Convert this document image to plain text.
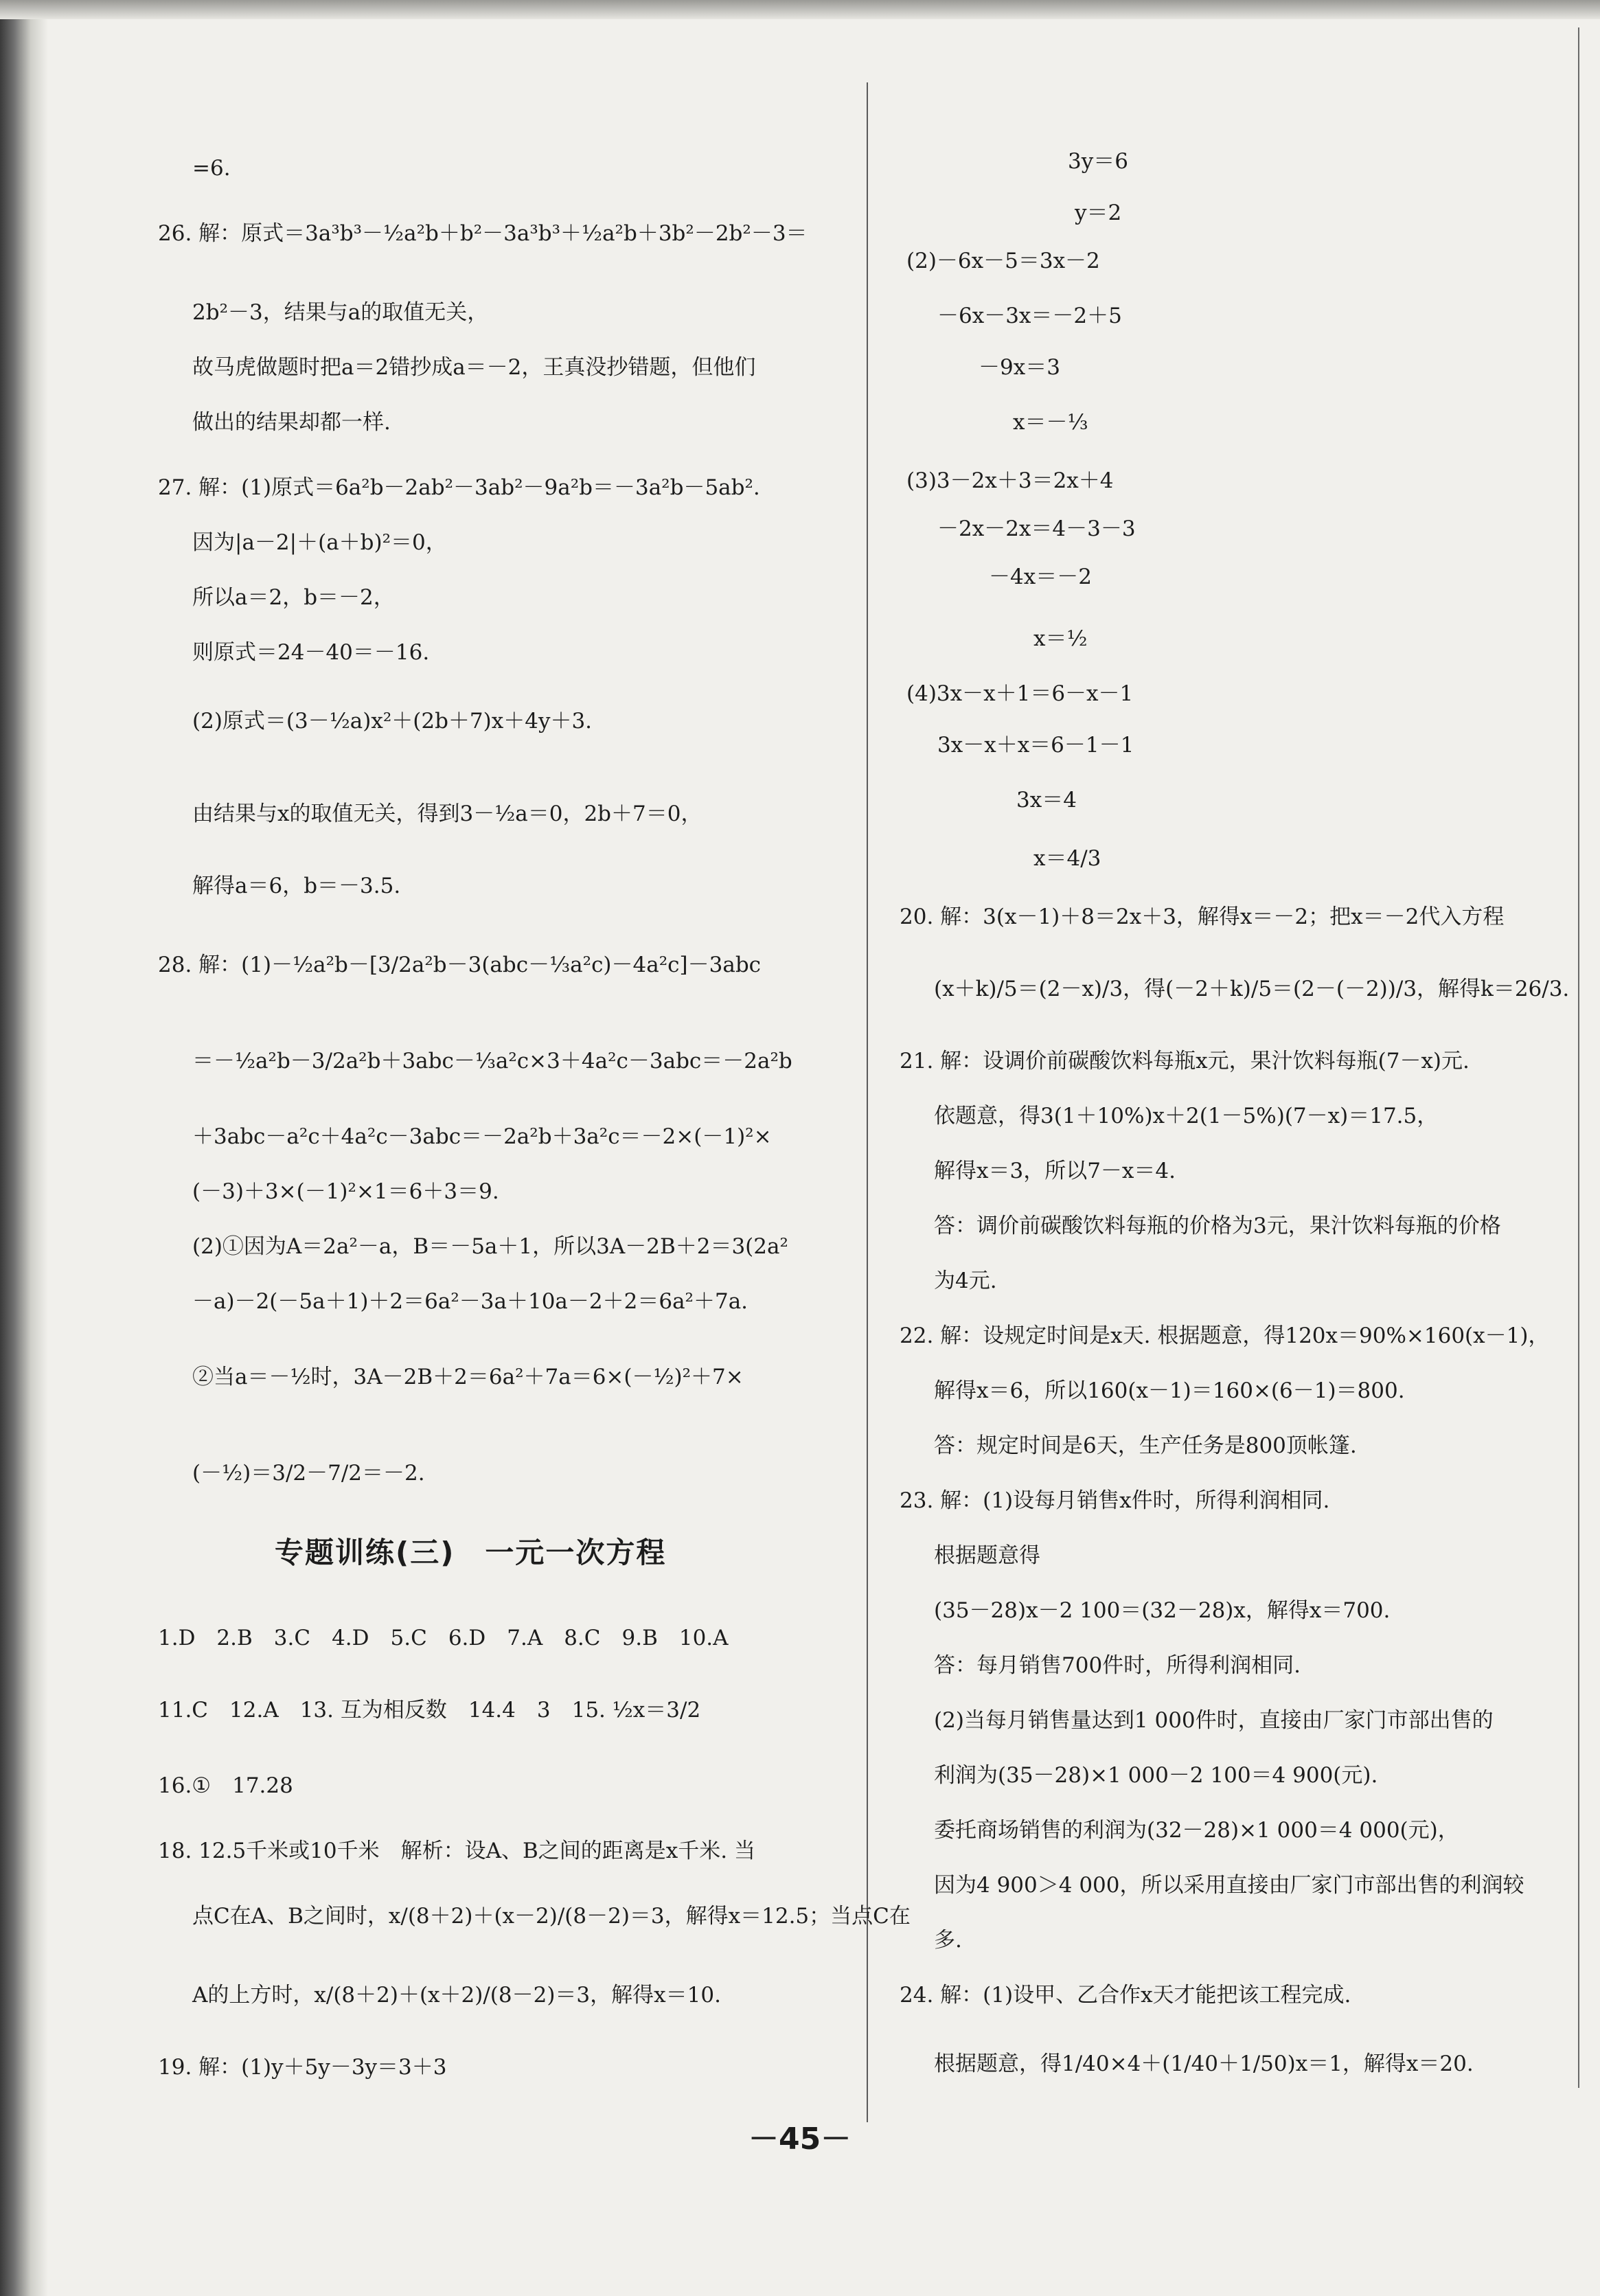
=6.
26. 解：原式＝3a³b³－½a²b＋b²－3a³b³＋½a²b＋3b²－2b²－3＝
2b²－3，结果与a的取值无关，
故马虎做题时把a＝2错抄成a＝－2，王真没抄错题，但他们
做出的结果却都一样.
27. 解：(1)原式＝6a²b－2ab²－3ab²－9a²b＝－3a²b－5ab².
因为|a－2|＋(a＋b)²＝0，
所以a＝2，b＝－2，
则原式＝24－40＝－16.
(2)原式＝(3－½a)x²＋(2b＋7)x＋4y＋3.
由结果与x的取值无关，得到3－½a＝0，2b＋7＝0，
解得a＝6，b＝－3.5.
28. 解：(1)－½a²b－[3/2a²b－3(abc－⅓a²c)－4a²c]－3abc
＝－½a²b－3/2a²b＋3abc－⅓a²c×3＋4a²c－3abc＝－2a²b
＋3abc－a²c＋4a²c－3abc＝－2a²b＋3a²c＝－2×(－1)²×
(－3)＋3×(－1)²×1＝6＋3＝9.
(2)①因为A＝2a²－a，B＝－5a＋1，所以3A－2B＋2＝3(2a²
－a)－2(－5a＋1)＋2＝6a²－3a＋10a－2＋2＝6a²＋7a.
②当a＝－½时，3A－2B＋2＝6a²＋7a＝6×(－½)²＋7×
(－½)＝3/2－7/2＝－2.
1.D　2.B　3.C　4.D　5.C　6.D　7.A　8.C　9.B　10.A
11.C　12.A　13. 互为相反数　14.4　3　15. ½x＝3/2
16.①　17.28
18. 12.5千米或10千米　解析：设A、B之间的距离是x千米. 当
点C在A、B之间时，x/(8＋2)＋(x－2)/(8－2)＝3，解得x＝12.5；当点C在
A的上方时，x/(8＋2)＋(x＋2)/(8－2)＝3，解得x＝10.
19. 解：(1)y＋5y－3y＝3＋3
3y＝6
y＝2
(2)－6x－5＝3x－2
－6x－3x＝－2＋5
－9x＝3
x＝－⅓
(3)3－2x＋3＝2x＋4
－2x－2x＝4－3－3
－4x＝－2
x＝½
(4)3x－x＋1＝6－x－1
3x－x＋x＝6－1－1
3x＝4
x＝4/3
20. 解：3(x－1)＋8＝2x＋3，解得x＝－2；把x＝－2代入方程
(x＋k)/5＝(2－x)/3，得(－2＋k)/5＝(2－(－2))/3，解得k＝26/3.
21. 解：设调价前碳酸饮料每瓶x元，果汁饮料每瓶(7－x)元.
依题意，得3(1＋10%)x＋2(1－5%)(7－x)＝17.5，
解得x＝3，所以7－x＝4.
答：调价前碳酸饮料每瓶的价格为3元，果汁饮料每瓶的价格
为4元.
22. 解：设规定时间是x天. 根据题意，得120x＝90%×160(x－1)，
解得x＝6，所以160(x－1)＝160×(6－1)＝800.
答：规定时间是6天，生产任务是800顶帐篷.
23. 解：(1)设每月销售x件时，所得利润相同.
根据题意得
(35－28)x－2 100＝(32－28)x，解得x＝700.
答：每月销售700件时，所得利润相同.
(2)当每月销售量达到1 000件时，直接由厂家门市部出售的
利润为(35－28)×1 000－2 100＝4 900(元).
委托商场销售的利润为(32－28)×1 000＝4 000(元)，
因为4 900＞4 000，所以采用直接由厂家门市部出售的利润较
多.
24. 解：(1)设甲、乙合作x天才能把该工程完成.
根据题意，得1/40×4＋(1/40＋1/50)x＝1，解得x＝20.
专题训练(三)　一元一次方程
－45－
